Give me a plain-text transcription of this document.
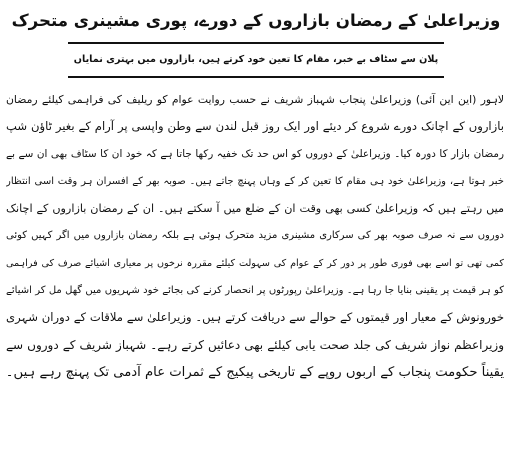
وزیراعلیٰ کے رمضان بازاروں کے دورے، پوری مشینری متحرک
پلان سے سٹاف بے خبر، مقام کا تعین خود کرتے ہیں، بازاروں میں بہتری نمایاں
لاہور (این این آئی) وزیراعلیٰ پنجاب شہباز شریف نے حسب روایت عوام کو ریلیف کی فراہمی کیلئے رمضان
بازاروں کے اچانک دورے شروع کر دیئے اور ایک روز قبل لندن سے وطن واپسی پر آرام کے بغیر ٹاؤن شپ
رمضان بازار کا دورہ کیا۔ وزیراعلیٰ کے دوروں کو اس حد تک خفیہ رکھا جاتا ہے کہ خود ان کا سٹاف بھی ان سے بے
خبر ہوتا ہے، وزیراعلیٰ خود ہی مقام کا تعین کر کے وہاں پہنچ جاتے ہیں۔ صوبہ بھر کے افسران ہر وقت اسی انتظار
میں رہتے ہیں کہ وزیراعلیٰ کسی بھی وقت ان کے ضلع میں آ سکتے ہیں۔ ان کے رمضان بازاروں کے اچانک
دوروں سے نہ صرف صوبہ بھر کی سرکاری مشینری مزید متحرک ہوئی ہے بلکہ رمضان بازاروں میں اگر کہیں کوئی
کمی تھی تو اسے بھی فوری طور پر دور کر کے عوام کی سہولت کیلئے مقررہ نرخوں پر معیاری اشیائے صرف کی فراہمی
کو ہر قیمت پر یقینی بنایا جا رہا ہے۔ وزیراعلیٰ رپورٹوں پر انحصار کرنے کی بجائے خود شہریوں میں گھل مل کر اشیائے
خورونوش کے معیار اور قیمتوں کے حوالے سے دریافت کرتے ہیں۔ وزیراعلیٰ سے ملاقات کے دوران شہری
وزیراعظم نواز شریف کی جلد صحت یابی کیلئے بھی دعائیں کرتے رہے۔ شہباز شریف کے دوروں سے
یقیناً حکومت پنجاب کے اربوں روپے کے تاریخی پیکیج کے ثمرات عام آدمی تک پہنچ رہے ہیں۔
